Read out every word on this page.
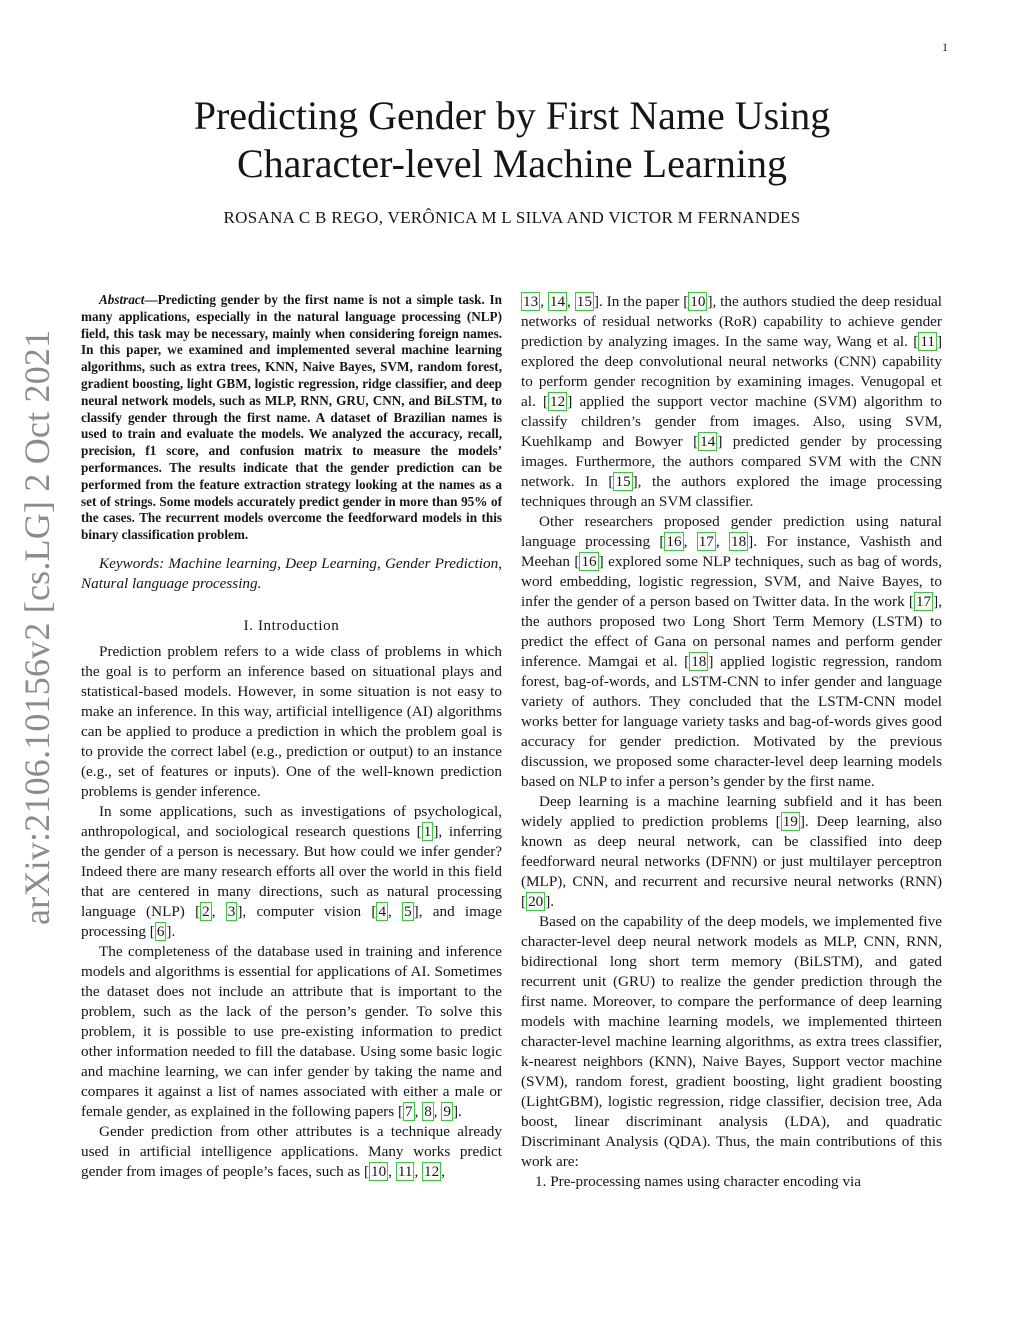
1
arXiv:2106.10156v2 [cs.LG] 2 Oct 2021
Predicting Gender by First Name Using
Character-level Machine Learning
ROSANA C B REGO, VERÔNICA M L SILVA AND VICTOR M FERNANDES

Abstract—Predicting gender by the first name is not a simple task. In many applications, especially in the natural language processing (NLP) field, this task may be necessary, mainly when considering foreign names. In this paper, we examined and implemented several machine learning algorithms, such as extra trees, KNN, Naive Bayes, SVM, random forest, gradient boosting, light GBM, logistic regression, ridge classifier, and deep neural network models, such as MLP, RNN, GRU, CNN, and BiLSTM, to classify gender through the first name. A dataset of Brazilian names is used to train and evaluate the models. We analyzed the accuracy, recall, precision, f1 score, and confusion matrix to measure the models’ performances. The results indicate that the gender prediction can be performed from the feature extraction strategy looking at the names as a set of strings. Some models accurately predict gender in more than 95% of the cases. The recurrent models overcome the feedforward models in this binary classification problem.

Keywords: Machine learning, Deep Learning, Gender Prediction, Natural language processing.

I. Introduction

Prediction problem refers to a wide class of problems in which the goal is to perform an inference based on situational plays and statistical-based models. However, in some situation is not easy to make an inference. In this way, artificial intelligence (AI) algorithms can be applied to produce a prediction in which the problem goal is to provide the correct label (e.g., prediction or output) to an instance (e.g., set of features or inputs). One of the well-known prediction problems is gender inference.

In some applications, such as investigations of psychological, anthropological, and sociological research questions [ 1 ], inferring the gender of a person is necessary. But how could we infer gender? Indeed there are many research efforts all over the world in this field that are centered in many directions, such as natural processing language (NLP) [ 2 , 3 ], computer vision [ 4 , 5 ], and image processing [ 6 ].

The completeness of the database used in training and inference models and algorithms is essential for applications of AI. Sometimes the dataset does not include an attribute that is important to the problem, such as the lack of the person’s gender. To solve this problem, it is possible to use pre-existing information to predict other information needed to fill the database. Using some basic logic and machine learning, we can infer gender by taking the name and compares it against a list of names associated with either a male or female gender, as explained in the following papers [ 7 , 8 , 9 ].

Gender prediction from other attributes is a technique already used in artificial intelligence applications. Many works predict gender from images of people’s faces, such as [ 10 , 11 , 12 ,

13 , 14 , 15 ]. In the paper [ 10 ], the authors studied the deep residual networks of residual networks (RoR) capability to achieve gender prediction by analyzing images. In the same way, Wang et al. [ 11 ] explored the deep convolutional neural networks (CNN) capability to perform gender recognition by examining images. Venugopal et al. [ 12 ] applied the support vector machine (SVM) algorithm to classify children’s gender from images. Also, using SVM, Kuehlkamp and Bowyer [ 14 ] predicted gender by processing images. Furthermore, the authors compared SVM with the CNN network. In [ 15 ], the authors explored the image processing techniques through an SVM classifier.

Other researchers proposed gender prediction using natural language processing [ 16 , 17 , 18 ]. For instance, Vashisth and Meehan [ 16 ] explored some NLP techniques, such as bag of words, word embedding, logistic regression, SVM, and Naive Bayes, to infer the gender of a person based on Twitter data. In the work [ 17 ], the authors proposed two Long Short Term Memory (LSTM) to predict the effect of Gana on personal names and perform gender inference. Mamgai et al. [ 18 ] applied logistic regression, random forest, bag-of-words, and LSTM-CNN to infer gender and language variety of authors. They concluded that the LSTM-CNN model works better for language variety tasks and bag-of-words gives good accuracy for gender prediction. Motivated by the previous discussion, we proposed some character-level deep learning models based on NLP to infer a person’s gender by the first name.

Deep learning is a machine learning subfield and it has been widely applied to prediction problems [ 19 ]. Deep learning, also known as deep neural network, can be classified into deep feedforward neural networks (DFNN) or just multilayer perceptron (MLP), CNN, and recurrent and recursive neural networks (RNN) [ 20 ].

Based on the capability of the deep models, we implemented five character-level deep neural network models as MLP, CNN, RNN, bidirectional long short term memory (BiLSTM), and gated recurrent unit (GRU) to realize the gender prediction through the first name. Moreover, to compare the performance of deep learning models with machine learning models, we implemented thirteen character-level machine learning algorithms, as extra trees classifier, k-nearest neighbors (KNN), Naive Bayes, Support vector machine (SVM), random forest, gradient boosting, light gradient boosting (LightGBM), logistic regression, ridge classifier, decision tree, Ada boost, linear discriminant analysis (LDA), and quadratic Discriminant Analysis (QDA). Thus, the main contributions of this work are:

1. Pre-processing names using character encoding via
